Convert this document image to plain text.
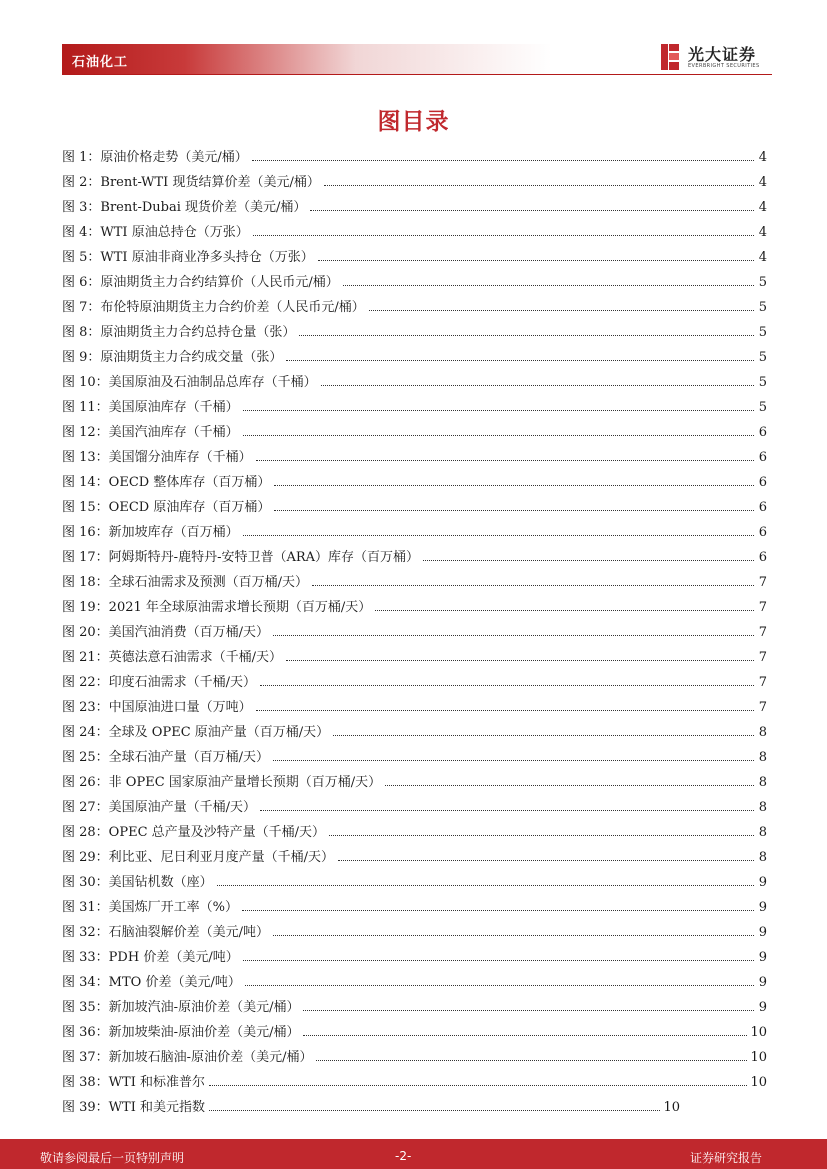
石油化工	光大证券
EVERBRIGHT SECURITIES
图目录
图 1：原油价格走势（美元/桶）	4
图 2：Brent-WTI 现货结算价差（美元/桶）	4
图 3：Brent-Dubai 现货价差（美元/桶）	4
图 4：WTI 原油总持仓（万张）	4
图 5：WTI 原油非商业净多头持仓（万张）	4
图 6：原油期货主力合约结算价（人民币元/桶）	5
图 7：布伦特原油期货主力合约价差（人民币元/桶）	5
图 8：原油期货主力合约总持仓量（张）	5
图 9：原油期货主力合约成交量（张）	5
图 10：美国原油及石油制品总库存（千桶）	5
图 11：美国原油库存（千桶）	5
图 12：美国汽油库存（千桶）	6
图 13：美国馏分油库存（千桶）	6
图 14：OECD 整体库存（百万桶）	6
图 15：OECD 原油库存（百万桶）	6
图 16：新加坡库存（百万桶）	6
图 17：阿姆斯特丹-鹿特丹-安特卫普（ARA）库存（百万桶）	6
图 18：全球石油需求及预测（百万桶/天）	7
图 19：2021 年全球原油需求增长预期（百万桶/天）	7
图 20：美国汽油消费（百万桶/天）	7
图 21：英德法意石油需求（千桶/天）	7
图 22：印度石油需求（千桶/天）	7
图 23：中国原油进口量（万吨）	7
图 24：全球及 OPEC 原油产量（百万桶/天）	8
图 25：全球石油产量（百万桶/天）	8
图 26：非 OPEC 国家原油产量增长预期（百万桶/天）	8
图 27：美国原油产量（千桶/天）	8
图 28：OPEC 总产量及沙特产量（千桶/天）	8
图 29：利比亚、尼日利亚月度产量（千桶/天）	8
图 30：美国钻机数（座）	9
图 31：美国炼厂开工率（%）	9
图 32：石脑油裂解价差（美元/吨）	9
图 33：PDH 价差（美元/吨）	9
图 34：MTO 价差（美元/吨）	9
图 35：新加坡汽油-原油价差（美元/桶）	9
图 36：新加坡柴油-原油价差（美元/桶）	10
图 37：新加坡石脑油-原油价差（美元/桶）	10
图 38：WTI 和标准普尔	10
图 39：WTI 和美元指数	10
敬请参阅最后一页特别声明	-2-	证券研究报告
